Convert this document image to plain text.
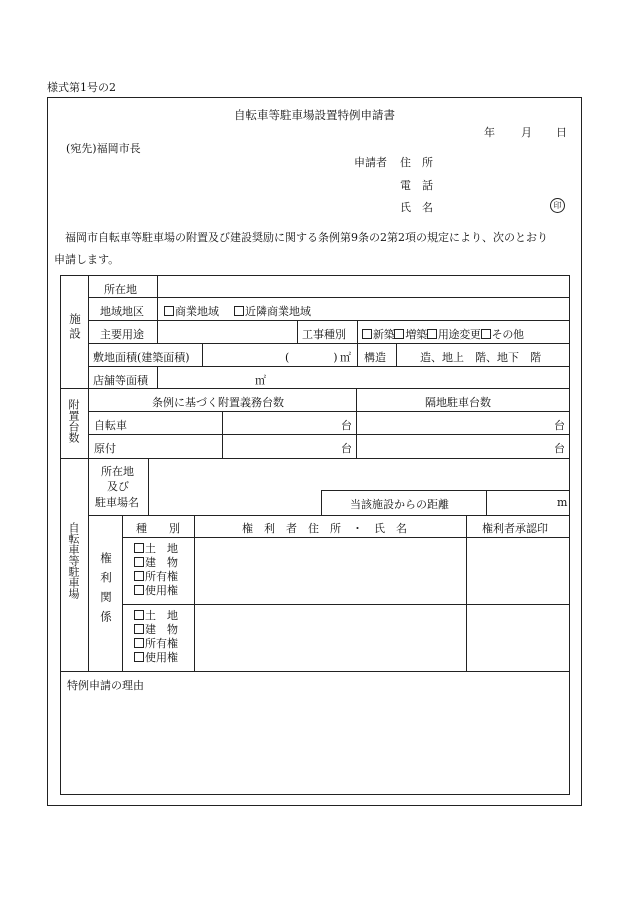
様式第1号の2
自転車等駐車場設置特例申請書
年 月 日
(宛先)福岡市長
申請者 住　所
電　話
氏　名	印
福岡市自転車等駐車場の附置及び建設奨励に関する条例第9条の2第2項の規定により、次のとおり
申請します。
施設
所在地
地域地区	商業地域	近隣商業地域
主要用途	工事種別	新築 増築 用途変更 その他
敷地面積(建築面積)	(　　　　) ㎡ 構造	造、地上　階、地下　階
店舗等面積	㎡
附置台数	条例に基づく附置義務台数	隔地駐車台数
自転車	台	台
原付	台	台
自転車等駐車場
所在地
及び
駐車場名	当該施設からの距離	m
権利関係
種　　別	権　利　者　住　所　・　氏　名	権利者承認印
土　地
建　物
所有権
使用権
土　地
建　物
所有権
使用権
特例申請の理由
